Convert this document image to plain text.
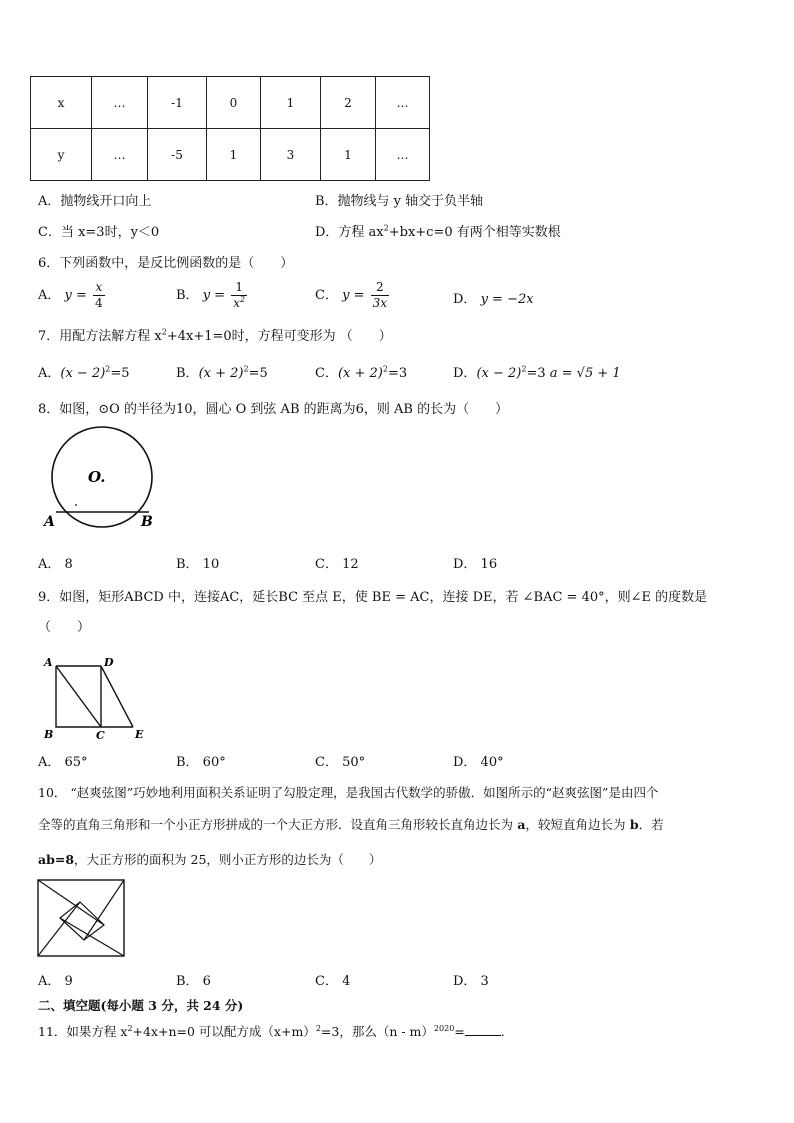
x	…	-1	0	1	2	…
y	…	-5	1	3	1	…
A．抛物线开口向上	B．抛物线与 y 轴交于负半轴
C．当 x=3时，y＜0	D．方程 $ax^2+bx+c=0$ 有两个相等实数根
6．下列函数中，是反比例函数的是（　　）
A． $y = \frac{x}{4}$	B． $y = \frac{1}{x^2}$	C． $y = \frac{2}{3x}$	D． y = −2x
7．用配方法解方程 $x^2+4x+1=0$时，方程可变形为 （　　）
A．$(x - 2)^2=5$	B．$(x + 2)^2=5$	C．$(x + 2)^2=3$	D．$(x - 2)^2=3$ a = √5 + 1
8．如图，⊙O 的半径为10，圆心 O 到弦 AB 的距离为6，则 AB 的长为（　　）
O.
A	B
A． 8	B． 10	C． 12	D． 16
9．如图，矩形ABCD 中，连接AC，延长BC 至点 E，使 BE = AC，连接 DE，若 ∠BAC = 40°，则∠E 的度数是
（　　）
A	D
B	C	E
A． 65°	B． 60°	C． 50°	D． 40°
10． “赵爽弦图”巧妙地利用面积关系证明了勾股定理，是我国古代数学的骄傲．如图所示的“赵爽弦图”是由四个
全等的直角三角形和一个小正方形拼成的一个大正方形．设直角三角形较长直角边长为 a，较短直角边长为 b．若
ab=8，大正方形的面积为 25，则小正方形的边长为（　　）
A． 9	B． 6	C． 4	D． 3
二、填空题(每小题 3 分，共 24 分)
11．如果方程 $x^2+4x+n=0$ 可以配方成$(x+m)^2=3$，那么（n - m）$^{2020}$=	.
